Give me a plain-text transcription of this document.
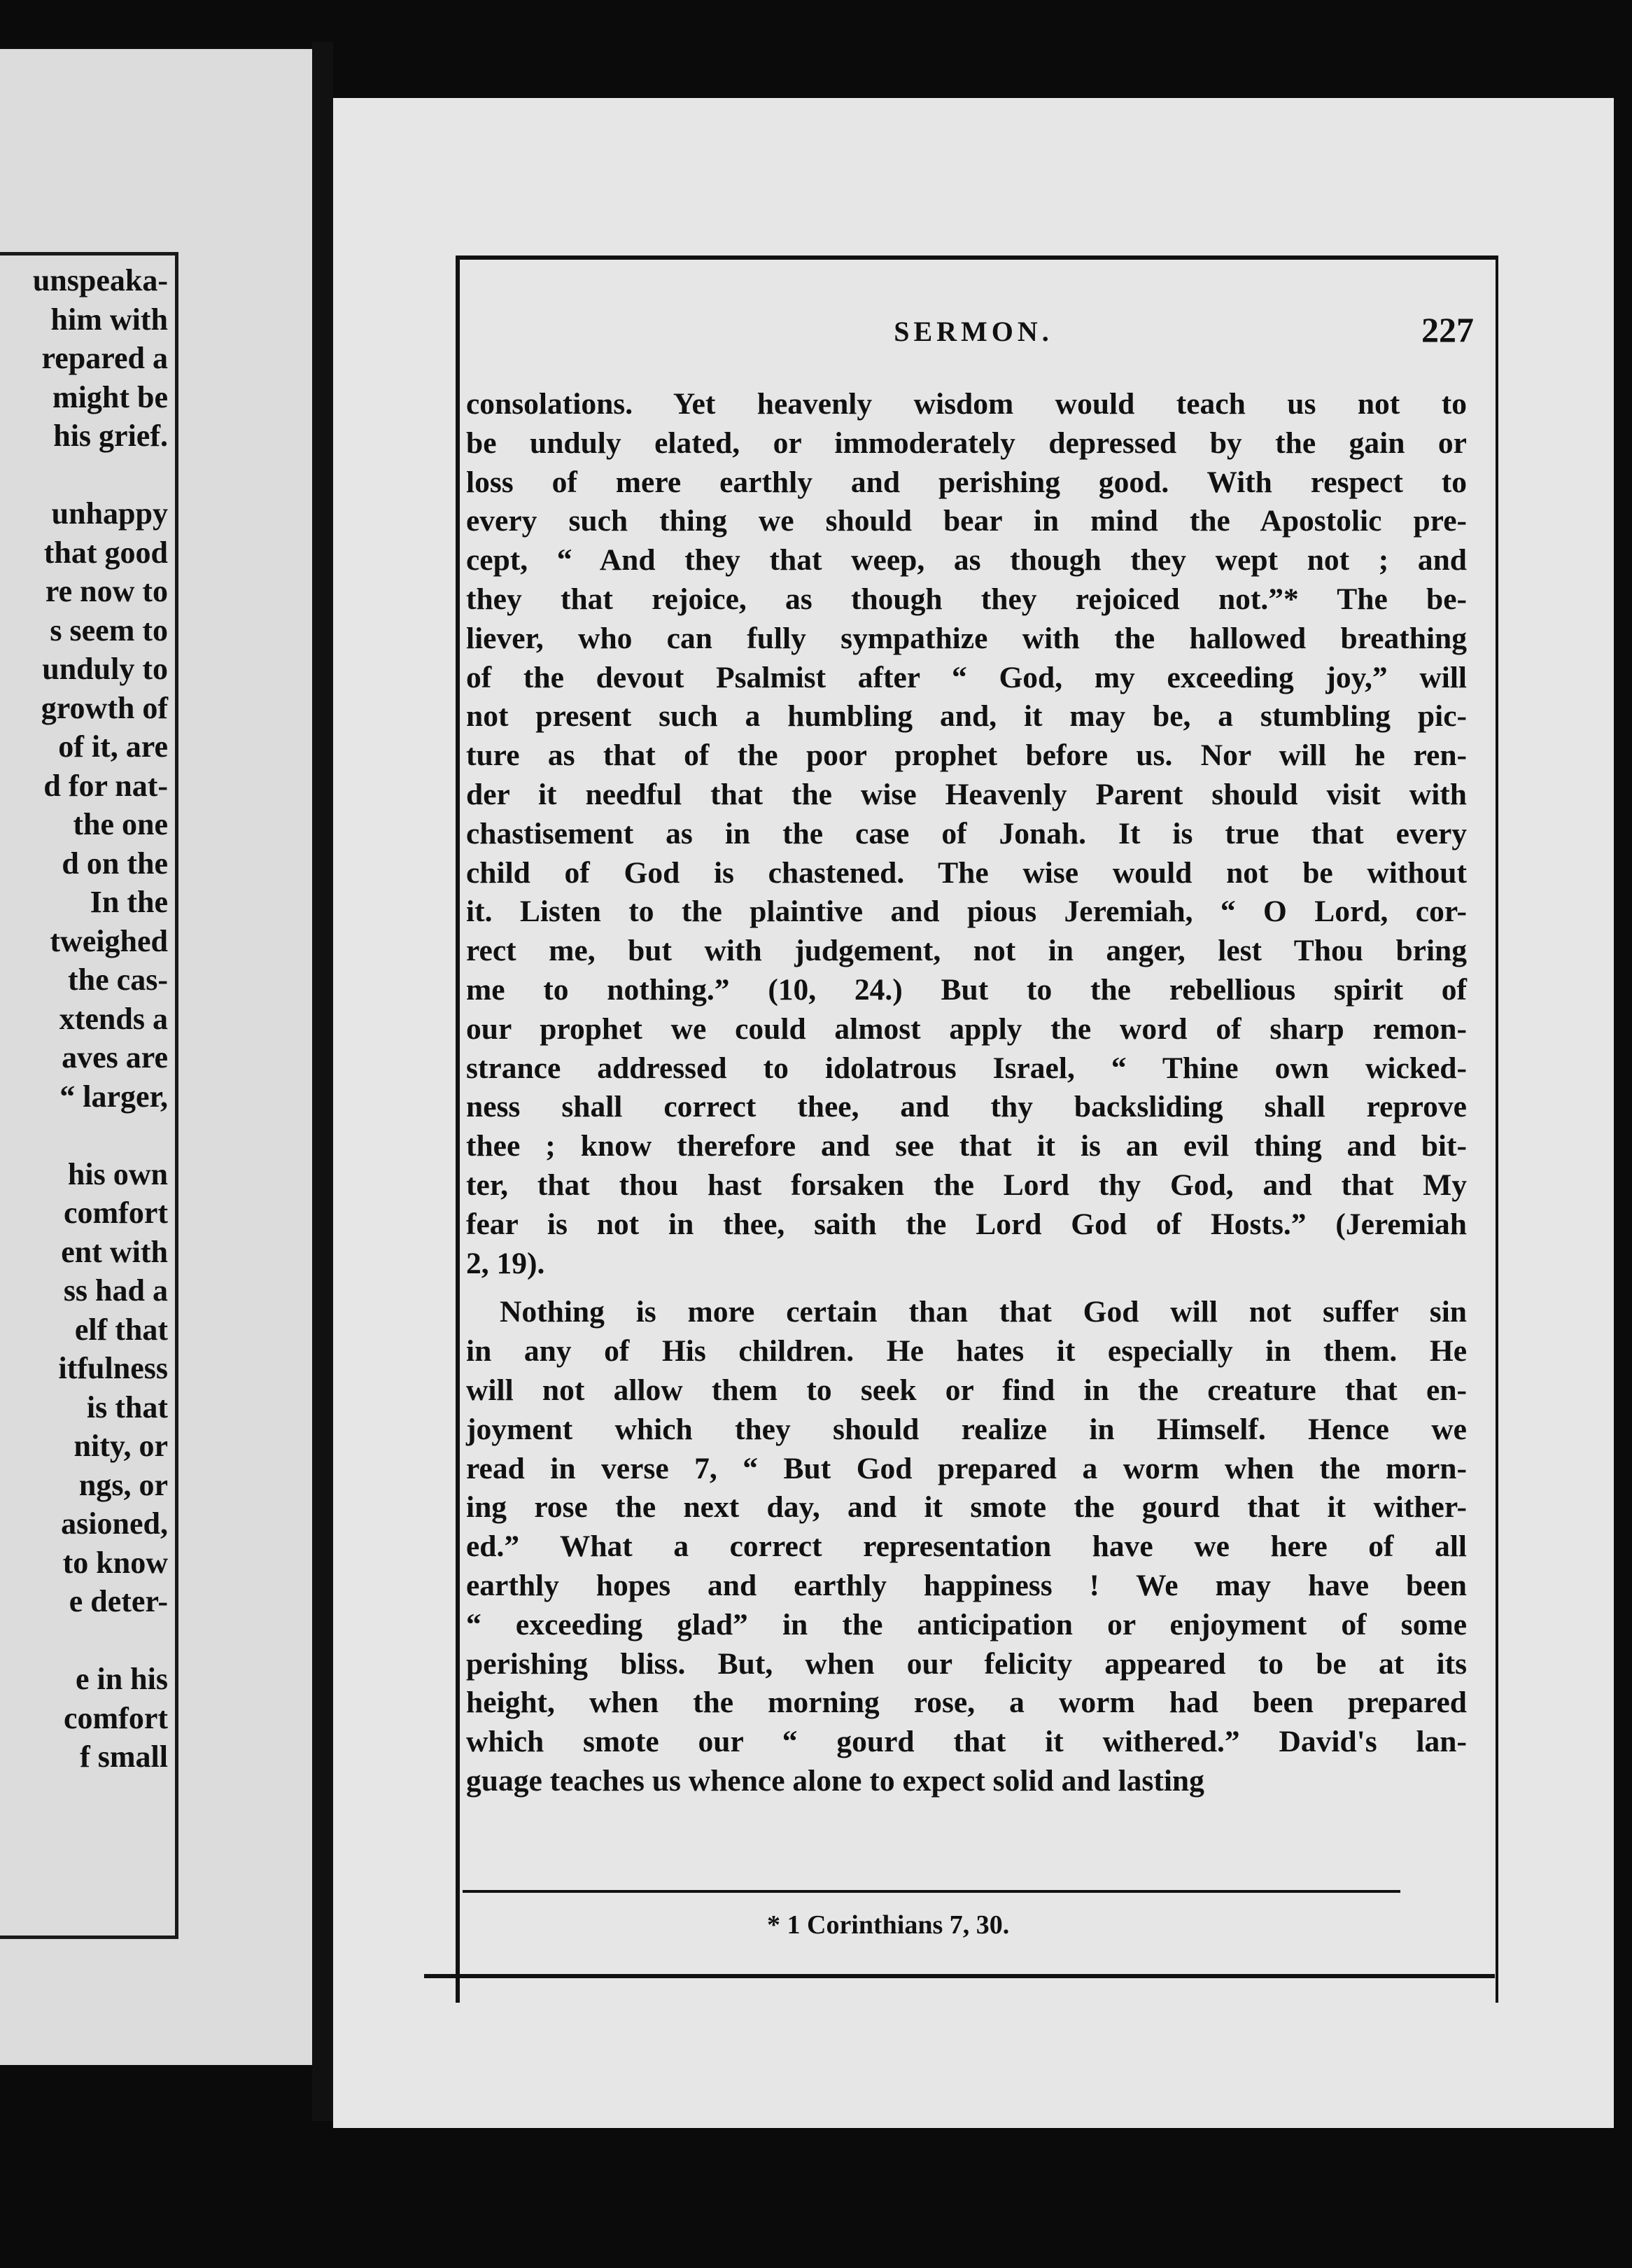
unspeaka-
him with
repared a
might be
his grief.
unhappy
that good
re now to
s seem to
unduly to
growth of
of it, are
d for nat-
the one
d on the
In the
tweighed
the cas-
xtends a
aves are
“ larger,
his own
comfort
ent with
ss had a
elf that
itfulness
is that
nity, or
ngs, or
asioned,
to know
e deter-
e in his
comfort
f small
SERMON.	227
consolations. Yet heavenly wisdom would teach us not to
be unduly elated, or immoderately depressed by the gain or
loss of mere earthly and perishing good. With respect to
every such thing we should bear in mind the Apostolic pre-
cept, “ And they that weep, as though they wept not ; and
they that rejoice, as though they rejoiced not.”* The be-
liever, who can fully sympathize with the hallowed breathing
of the devout Psalmist after “ God, my exceeding joy,” will
not present such a humbling and, it may be, a stumbling pic-
ture as that of the poor prophet before us. Nor will he ren-
der it needful that the wise Heavenly Parent should visit with
chastisement as in the case of Jonah. It is true that every
child of God is chastened. The wise would not be without
it. Listen to the plaintive and pious Jeremiah, “ O Lord, cor-
rect me, but with judgement, not in anger, lest Thou bring
me to nothing.” (10, 24.) But to the rebellious spirit of
our prophet we could almost apply the word of sharp remon-
strance addressed to idolatrous Israel, “ Thine own wicked-
ness shall correct thee, and thy backsliding shall reprove
thee ; know therefore and see that it is an evil thing and bit-
ter, that thou hast forsaken the Lord thy God, and that My
fear is not in thee, saith the Lord God of Hosts.” (Jeremiah
2, 19).
Nothing is more certain than that God will not suffer sin
in any of His children. He hates it especially in them. He
will not allow them to seek or find in the creature that en-
joyment which they should realize in Himself. Hence we
read in verse 7, “ But God prepared a worm when the morn-
ing rose the next day, and it smote the gourd that it wither-
ed.” What a correct representation have we here of all
earthly hopes and earthly happiness ! We may have been
“ exceeding glad” in the anticipation or enjoyment of some
perishing bliss. But, when our felicity appeared to be at its
height, when the morning rose, a worm had been prepared
which smote our “ gourd that it withered.” David's lan-
guage teaches us whence alone to expect solid and lasting
* 1 Corinthians 7, 30.
